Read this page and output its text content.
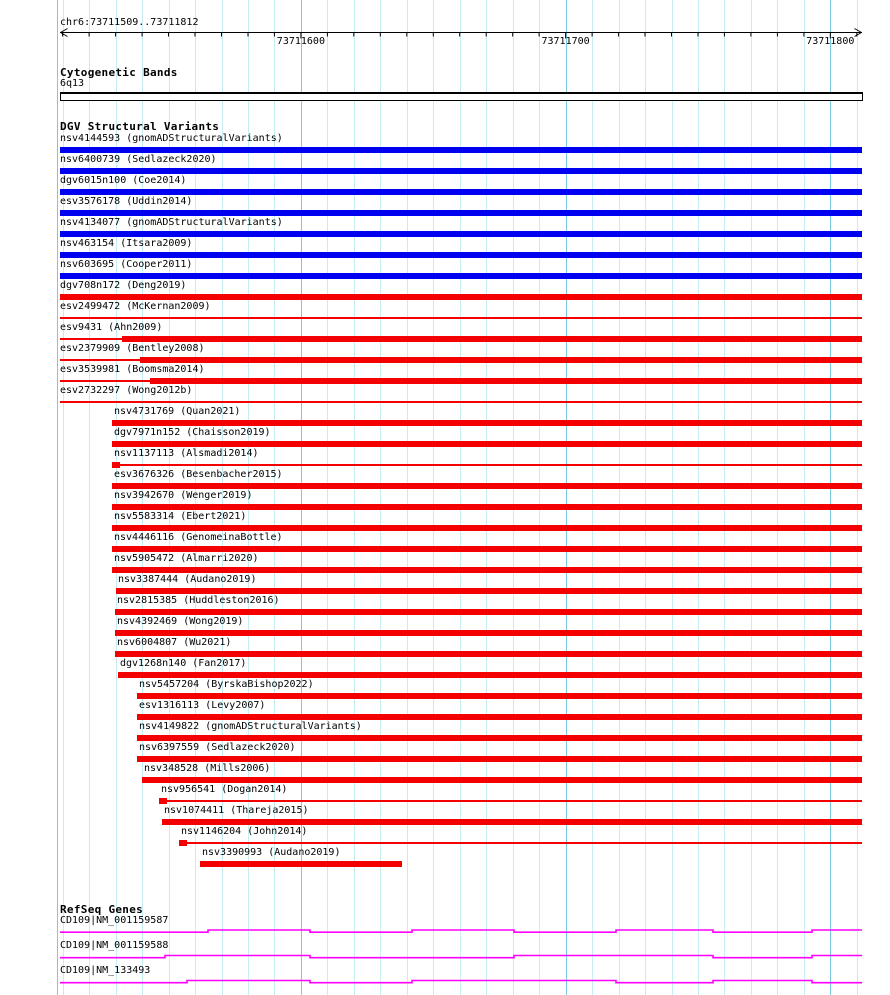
chr6:73711509..73711812
73711600	73711700	73711800
Cytogenetic Bands
6q13
DGV Structural Variants
nsv4144593 (gnomADStructuralVariants)
nsv6400739 (Sedlazeck2020)
dgv6015n100 (Coe2014)
esv3576178 (Uddin2014)
nsv4134077 (gnomADStructuralVariants)
nsv463154 (Itsara2009)
nsv603695 (Cooper2011)
dgv708n172 (Deng2019)
esv2499472 (McKernan2009)
esv9431 (Ahn2009)
esv2379909 (Bentley2008)
esv3539981 (Boomsma2014)
esv2732297 (Wong2012b)
nsv4731769 (Quan2021)
dgv7971n152 (Chaisson2019)
nsv1137113 (Alsmadi2014)
esv3676326 (Besenbacher2015)
nsv3942670 (Wenger2019)
nsv5583314 (Ebert2021)
nsv4446116 (GenomeinaBottle)
nsv5905472 (Almarri2020)
nsv3387444 (Audano2019)
nsv2815385 (Huddleston2016)
nsv4392469 (Wong2019)
nsv6004807 (Wu2021)
dgv1268n140 (Fan2017)
nsv5457204 (ByrskaBishop2022)
esv1316113 (Levy2007)
nsv4149822 (gnomADStructuralVariants)
nsv6397559 (Sedlazeck2020)
nsv348528 (Mills2006)
nsv956541 (Dogan2014)
nsv1074411 (Thareja2015)
nsv1146204 (John2014)
nsv3390993 (Audano2019)
RefSeq Genes
CD109|NM_001159587
CD109|NM_001159588
CD109|NM_133493
